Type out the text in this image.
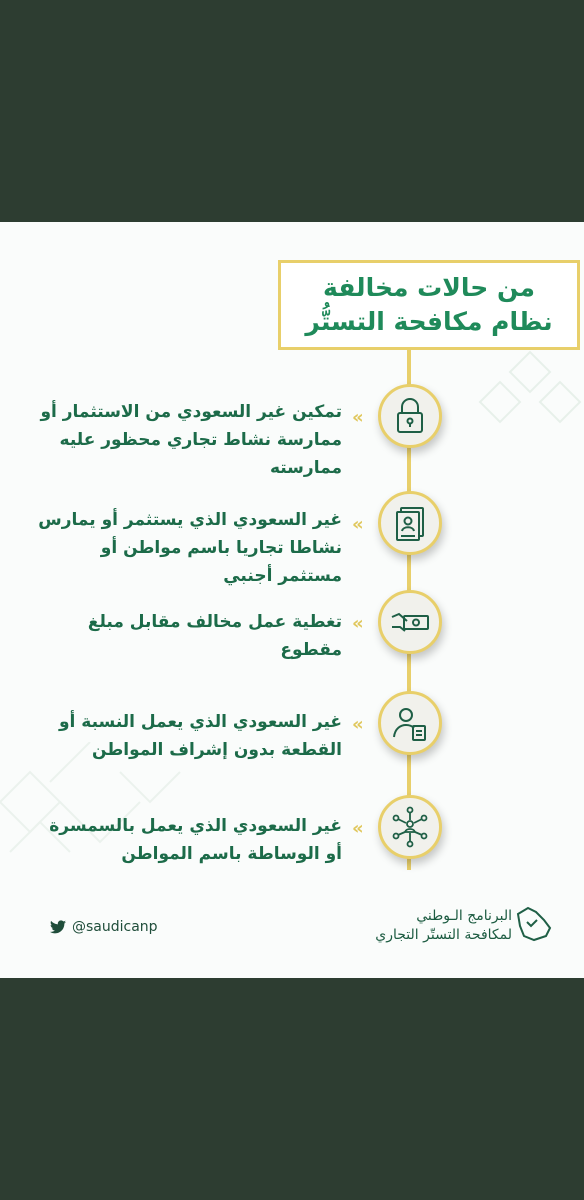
من حالات مخالفة
نظام مكافحة التستُّر
«
تمكين غير السعودي من الاستثمار أو ممارسة نشاط تجاري محظور عليه ممارسته
«
غير السعودي الذي يستثمر أو يمارس نشاطا تجاريا باسم مواطن أو مستثمر أجنبي
«
تغطية عمل مخالف مقابل مبلغ مقطوع
«
غير السعودي الذي يعمل النسبة أو القطعة بدون إشراف المواطن
«
غير السعودي الذي يعمل بالسمسرة أو الوساطة باسم المواطن
@saudicanp
البرنامج الـوطني
لمكافحة التستّر التجاري
